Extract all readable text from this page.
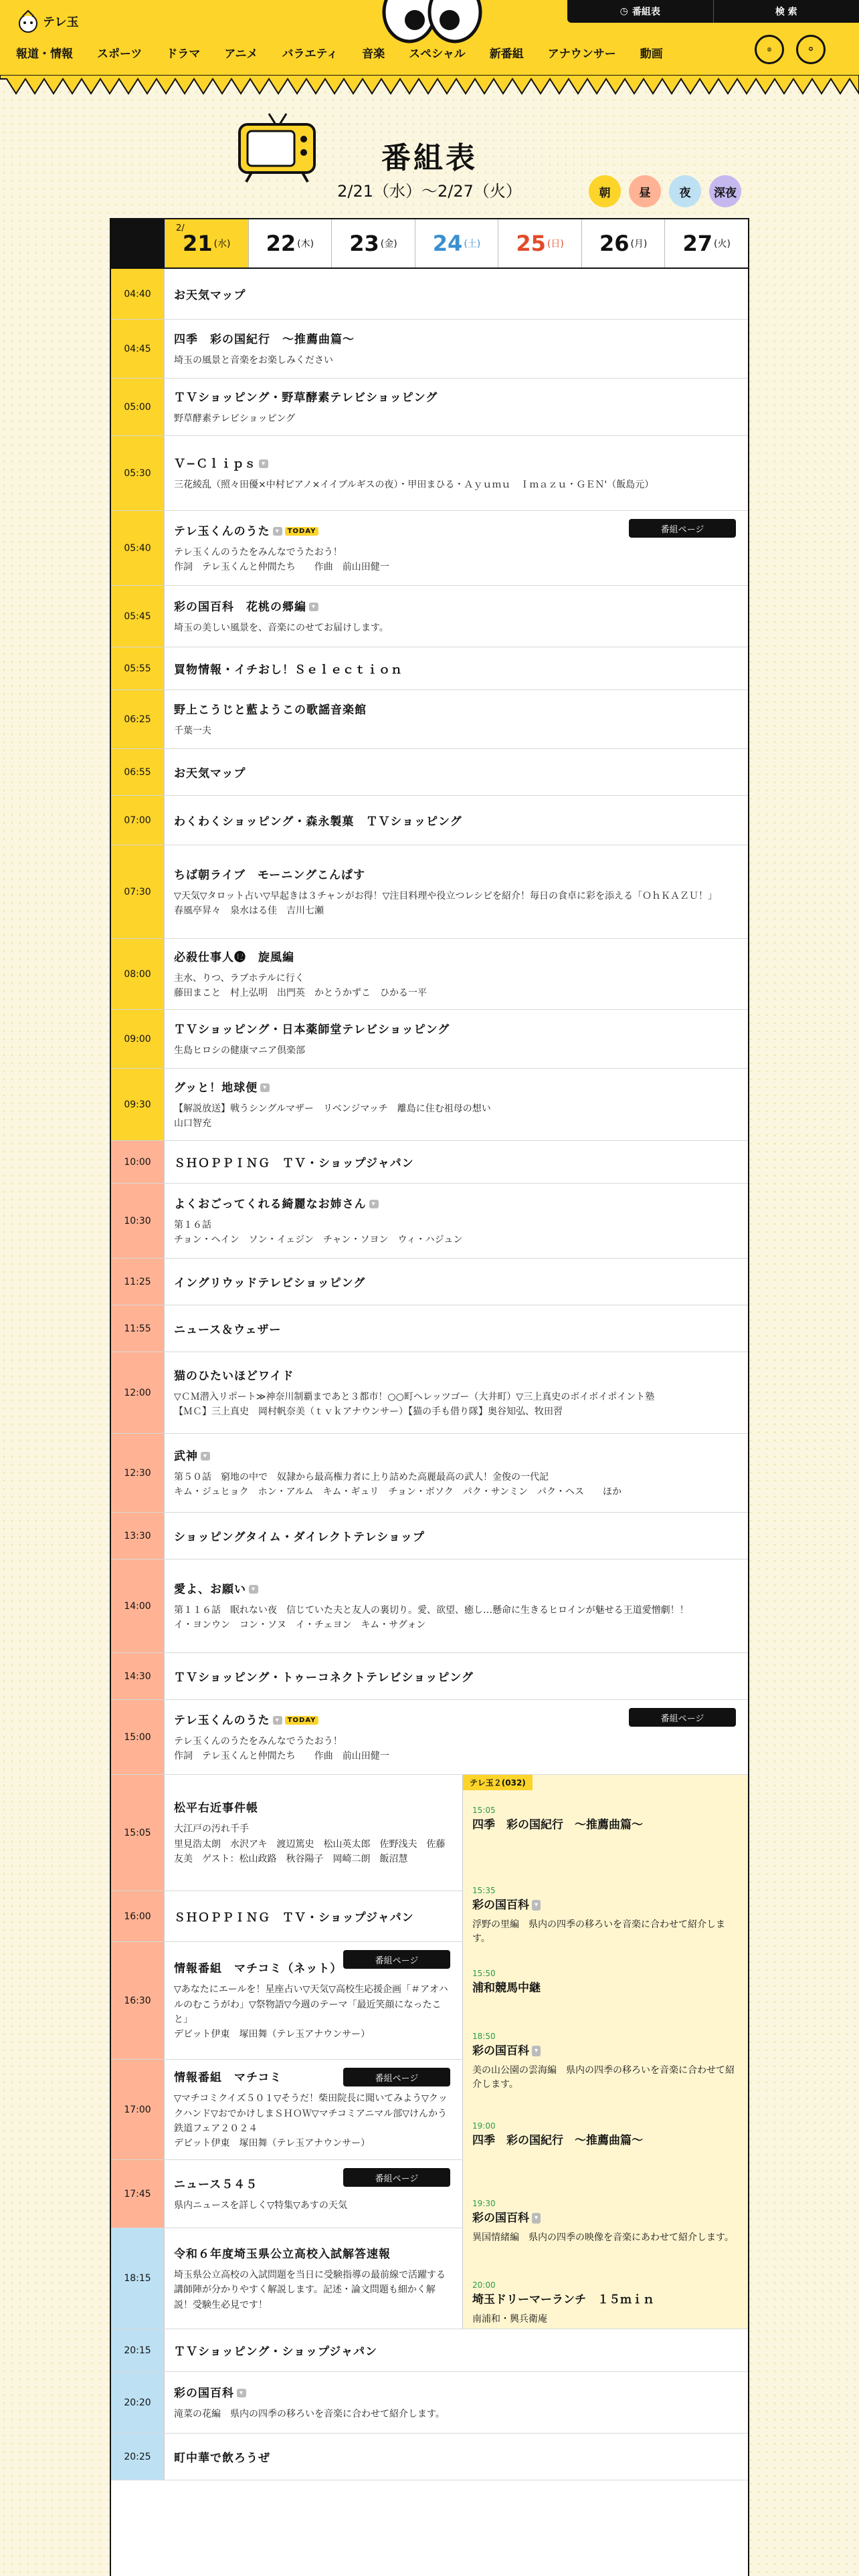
テレ玉
◷ 番組表	検 索
報道・情報 スポーツ ドラマ アニメ バラエティ 音楽 スペシャル 新番組 アナウンサー 動画	◍	✪
番組表
2/21（水）〜2/27（火）	朝	昼	夜	深夜
2/
21 (水) 22 (木) 23 (金) 24 (土) 25 (日) 26 (月) 27 (火)
04:40	お天気マップ
04:45
四季　彩の国紀行　〜推薦曲篇〜
埼玉の風景と音楽をお楽しみください
05:00
ＴＶショッピング・野草酵素テレビショッピング
野草酵素テレビショッピング
05:30
Ｖ−Ｃｌｉｐｓ ▾
三花綾乱（照々田優×中村ピアノ×イイブルギスの夜）・甲田まひる・Ａｙｕｍｕ　Ｉｍａｚｕ・ＧＥＮ'（飯島元）
05:40
テレ玉くんのうた ▾ TODAY
テレ玉くんのうたをみんなでうたおう！
作詞　テレ玉くんと仲間たち　　作曲　前山田健一
番組ページ
05:45
彩の国百科　花桃の郷編 ▾
埼玉の美しい風景を、音楽にのせてお届けします。
05:55	買物情報・イチおし！Ｓｅｌｅｃｔｉｏｎ
06:25
野上こうじと藍ようこの歌謡音楽館
千葉一夫
06:55	お天気マップ
07:00	わくわくショッピング・森永製菓　ＴＶショッピング
07:30
ちば朝ライブ　モーニングこんぱす
▽天気▽タロット占い▽早起きは３チャンがお得！▽注目料理や役立つレシピを紹介！毎日の食卓に彩を添える「ＯｈＫＡＺＵ！」
春風亭昇々　泉水はる佳　吉川七瀬
08:00
必殺仕事人⓬　旋風編
主水、りつ、ラブホテルに行く
藤田まこと　村上弘明　出門英　かとうかずこ　ひかる一平
09:00
ＴＶショッピング・日本薬師堂テレビショッピング
生島ヒロシの健康マニア倶楽部
09:30
グッと！地球便 ▾
【解説放送】戦うシングルマザー　リベンジマッチ　離島に住む祖母の想い
山口智充
10:00	ＳＨＯＰＰＩＮＧ　ＴＶ・ショップジャパン
10:30
よくおごってくれる綺麗なお姉さん ▾
第１６話
チョン・ヘイン　ソン・イェジン　チャン・ソヨン　ウィ・ハジュン
11:25	イングリウッドテレビショッピング
11:55	ニュース＆ウェザー
12:00
猫のひたいほどワイド
▽ＣＭ潜入リポート≫神奈川制覇まであと３都市！○○町ヘレッツゴー（大井町）▽三上真史のボイボイポイント塾
【ＭＣ】三上真史　岡村帆奈美（ｔｖｋアナウンサー）【猫の手も借り隊】奥谷知弘、牧田習
12:30
武神 ▾
第５０話　窮地の中で　奴隷から最高権力者に上り詰めた高麗最高の武人！金俊の一代記
キム・ジュヒョク　ホン・アルム　キム・ギュリ　チョン・ボソク　パク・サンミン　パク・ヘス　　ほか
13:30	ショッピングタイム・ダイレクトテレショップ
14:00
愛よ、お願い ▾
第１１６話　眠れない夜　信じていた夫と友人の裏切り。愛、欲望、癒し…懸命に生きるヒロインが魅せる王道愛憎劇！！
イ・ヨンウン　コン・ソヌ　イ・チェヨン　キム・サグォン
14:30	ＴＶショッピング・トゥーコネクトテレビショッピング
15:00
テレ玉くんのうた ▾ TODAY
テレ玉くんのうたをみんなでうたおう！
作詞　テレ玉くんと仲間たち　　作曲　前山田健一
番組ページ
15:05
松平右近事件帳
大江戸の汚れ千手
里見浩太朗　水沢アキ　渡辺篤史　松山英太郎　佐野浅夫　佐藤友美　ゲスト：松山政路　秋谷陽子　岡崎二朗　飯沼慧
16:00	ＳＨＯＰＰＩＮＧ　ＴＶ・ショップジャパン
16:30
情報番組　マチコミ（ネット）
▽あなたにエールを！星座占い▽天気▽高校生応援企画「＃アオハルのむこうがわ」▽祭物語▽今週のテーマ「最近笑顔になったこと」
デビット伊東　塚田舞（テレ玉アナウンサー）
番組ページ
17:00
情報番組　マチコミ
▽マチコミクイズ５０１▽そうだ！柴田院長に聞いてみよう▽クックハンド▽おでかけしまＳＨＯＷ▽マチコミアニマル部▽けんかう鉄道フェア２０２４
デビット伊東　塚田舞（テレ玉アナウンサー）
番組ページ
17:45
ニュース５４５
県内ニュースを詳しく▽特集▽あすの天気
番組ページ
18:15
令和６年度埼玉県公立高校入試解答速報
埼玉県公立高校の入試問題を当日に受験指導の最前線で活躍する講師陣が分かりやすく解説します。記述・論文問題も細かく解説！受験生必見です！
テレ玉２(032)
15:05
四季　彩の国紀行　〜推薦曲篇〜
15:35
彩の国百科 ▾
浮野の里編　県内の四季の移ろいを音楽に合わせて紹介します。
15:50
浦和競馬中継
18:50
彩の国百科 ▾
美の山公園の雲海編　県内の四季の移ろいを音楽に合わせて紹介します。
19:00
四季　彩の国紀行　〜推薦曲篇〜
19:30
彩の国百科 ▾
異国情緒編　県内の四季の映像を音楽にあわせて紹介します。
20:00
埼玉ドリーマーランチ　１５ｍｉｎ
南浦和・興兵衛庵
20:15	ＴＶショッピング・ショップジャパン
20:20
彩の国百科 ▾
滝菜の花編　県内の四季の移ろいを音楽に合わせて紹介します。
20:25	町中華で飲ろうぜ
